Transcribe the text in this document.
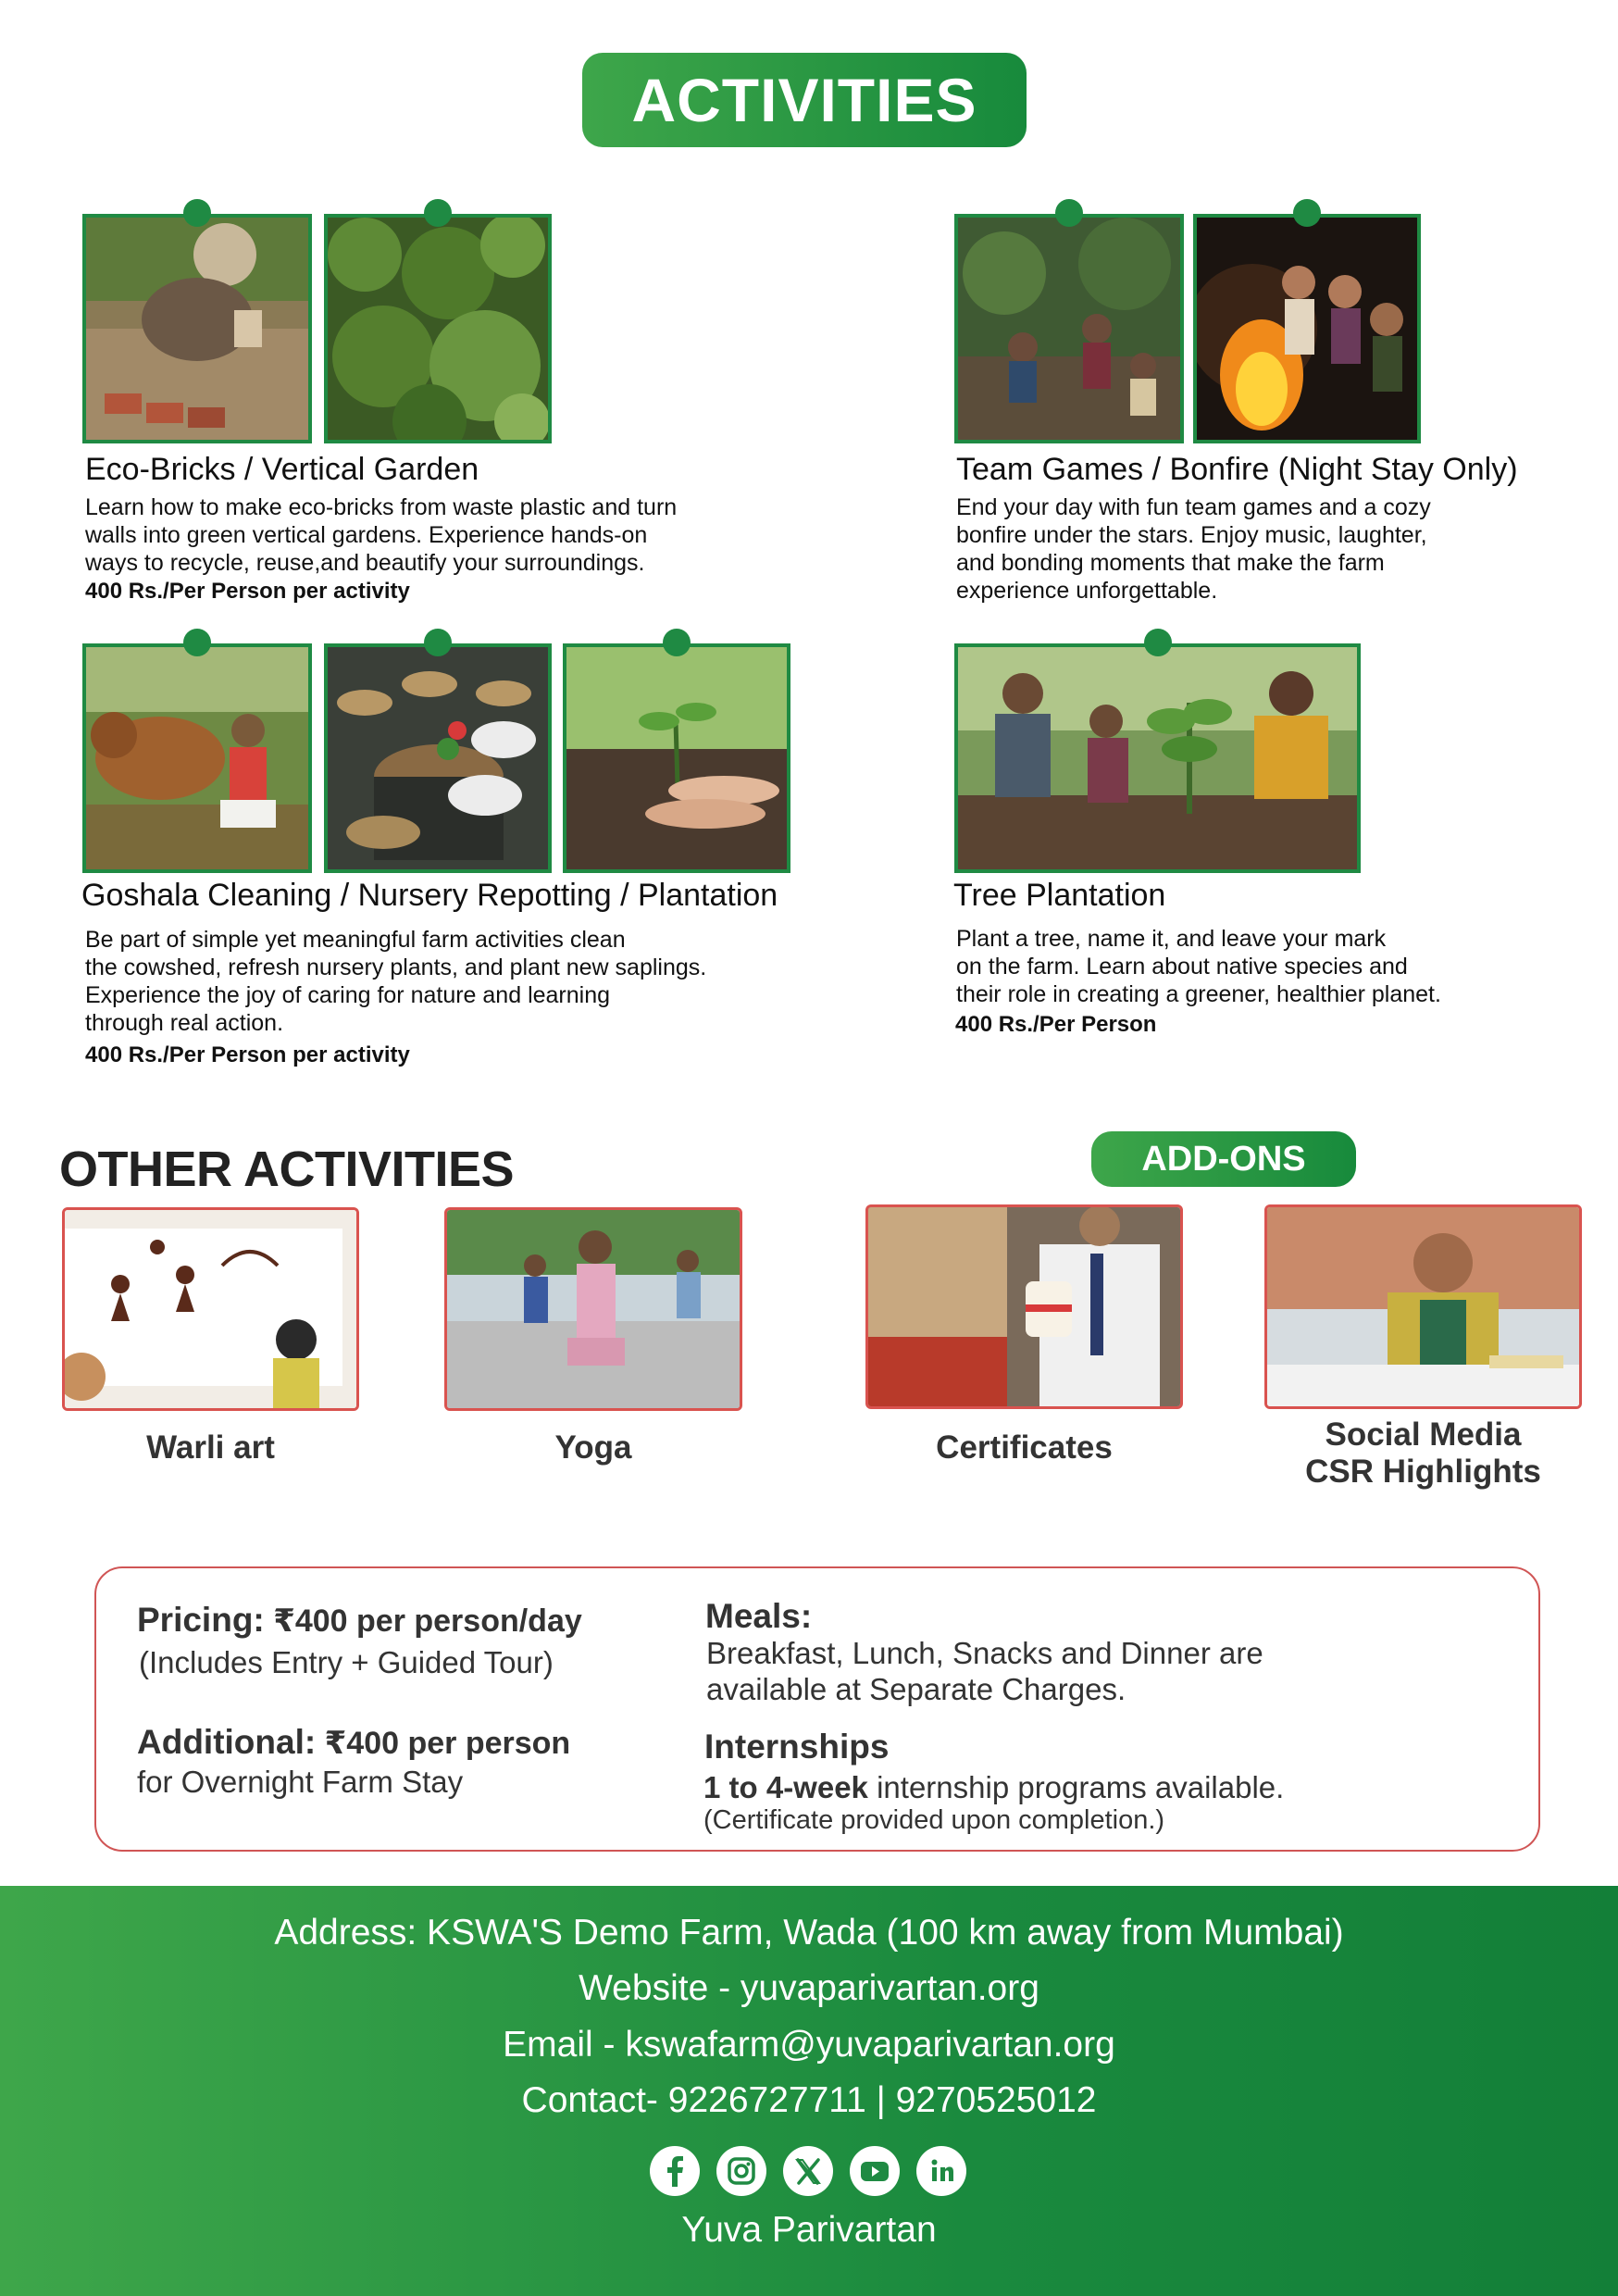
ACTIVITIES
Eco-Bricks / Vertical Garden
Learn how to make eco-bricks from waste plastic and turn
walls into green vertical gardens. Experience hands-on
ways to recycle, reuse,and beautify your surroundings.
400 Rs./Per Person per activity
Team Games / Bonfire (Night Stay Only)
End your day with fun team games and a cozy
bonfire under the stars. Enjoy music, laughter,
and bonding moments that make the farm
experience unforgettable.
Goshala Cleaning / Nursery Repotting / Plantation
Be part of simple yet meaningful farm activities clean
the cowshed, refresh nursery plants, and plant new saplings.
Experience the joy of caring for nature and learning
through real action.
400 Rs./Per Person per activity
Tree Plantation
Plant a tree, name it, and leave your mark
on the farm. Learn about native species and
their role in creating a greener, healthier planet.
400 Rs./Per Person
OTHER ACTIVITIES	ADD-ONS
Warli art	Yoga	Certificates	Social Media
CSR Highlights
Pricing: ₹400 per person/day
(Includes Entry + Guided Tour)
Additional: ₹400 per person
for Overnight Farm Stay
Meals:
Breakfast, Lunch, Snacks and Dinner are
available at Separate Charges.
Internships
1 to 4-week internship programs available.
(Certificate provided upon completion.)
Address: KSWA'S Demo Farm, Wada (100 km away from Mumbai)
Website - yuvaparivartan.org
Email - kswafarm@yuvaparivartan.org
Contact- 9226727711 | 9270525012
Yuva Parivartan
